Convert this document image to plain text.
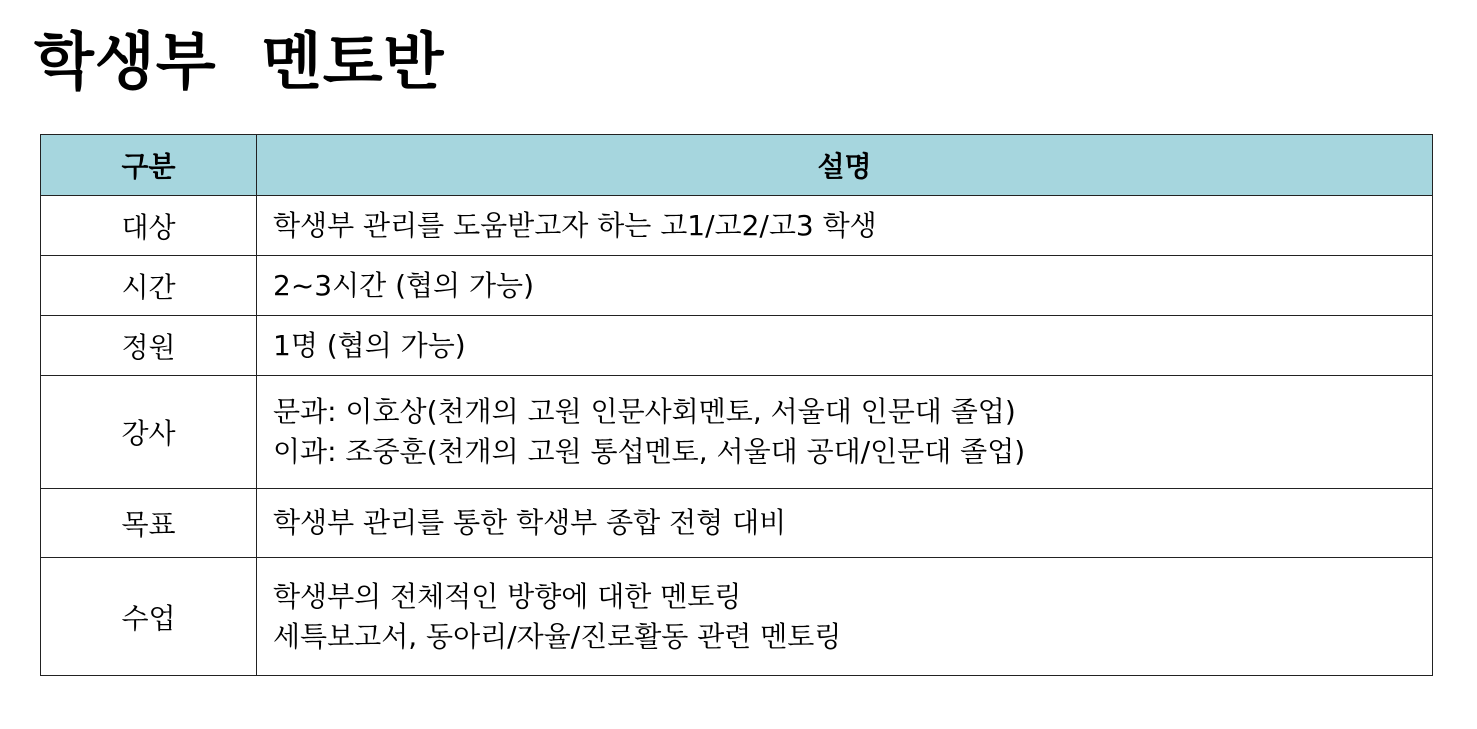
학생부  멘토반
구분	설명
대상	학생부 관리를 도움받고자 하는 고1/고2/고3 학생

시간	2~3시간 (협의 가능)

정원	1명 (협의 가능)

강사	문과: 이호상(천개의 고원 인문사회멘토, 서울대 인문대 졸업)
이과: 조중훈(천개의 고원 통섭멘토, 서울대 공대/인문대 졸업)

목표	학생부 관리를 통한 학생부 종합 전형 대비

수업	학생부의 전체적인 방향에 대한 멘토링
세특보고서, 동아리/자율/진로활동 관련 멘토링
